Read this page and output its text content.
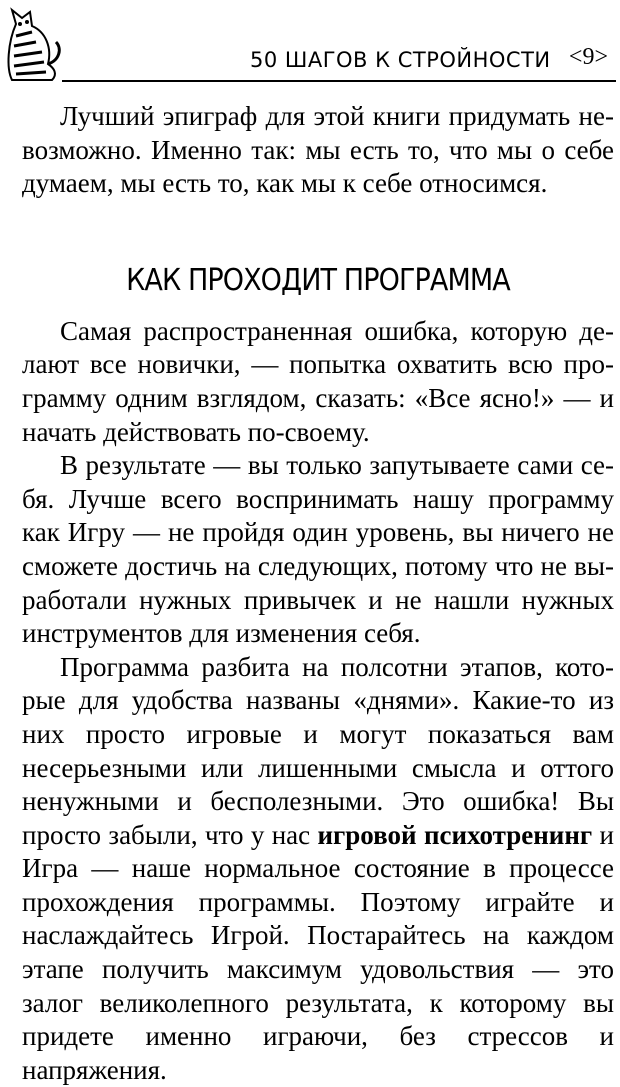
50 ШАГОВ К СТРОЙНОСТИ <9>

Лучший эпиграф для этой книги придумать невозможно. Именно так: мы есть то, что мы о себе думаем, мы есть то, как мы к себе относимся.

КАК ПРОХОДИТ ПРОГРАММА

Самая распространенная ошибка, которую делают все новички, — попытка охватить всю программу одним взглядом, сказать: «Все ясно!» — и начать действовать по-своему.

В результате — вы только запутываете сами себя. Лучше всего воспринимать нашу программу как Игру — не пройдя один уровень, вы ничего не сможете достичь на следующих, потому что не выработали нужных привычек и не нашли нужных инструментов для изменения себя.

Программа разбита на полсотни этапов, которые для удобства названы «днями». Какие-то из них просто игровые и могут показаться вам несерьезными или лишенными смысла и оттого ненужными и бесполезными. Это ошибка! Вы просто забыли, что у нас игровой психотренинг и Игра — наше нормальное состояние в процессе прохождения программы. Поэтому играйте и наслаждайтесь Игрой. Постарайтесь на каждом этапе получить максимум удовольствия — это залог великолепного результата, к которому вы придете именно играючи, без стрессов и напряжения.
